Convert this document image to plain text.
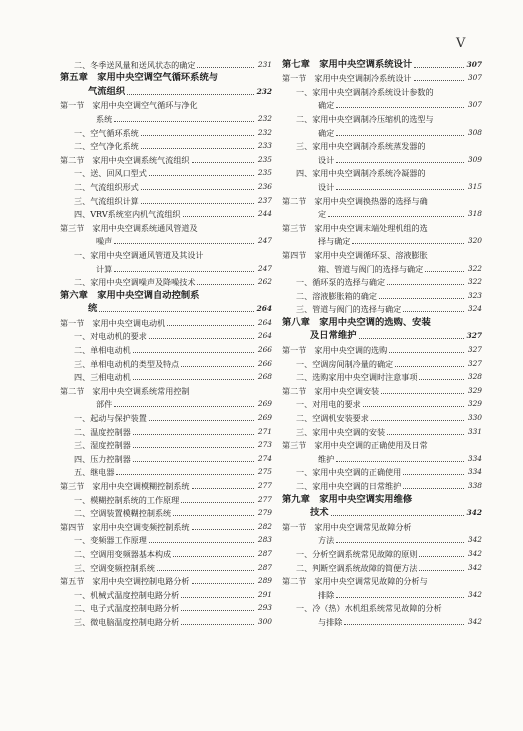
V
二、冬季送风量和送风状态的确定	231
第五章　家用中央空调空气循环系统与
气流组织	232
第一节　家用中央空调空气循环与净化
系统	232
一、空气循环系统	232
二、空气净化系统	233
第二节　家用中央空调系统气流组织	235
一、送、回风口型式	235
二、气流组织形式	236
三、气流组织计算	237
四、VRV系统室内机气流组织	244
第三节　家用中央空调系统通风管道及
噪声	247
一、家用中央空调通风管道及其设计
计算	247
二、家用中央空调噪声及降噪技术	262
第六章　家用中央空调自动控制系
统	264
第一节　家用中央空调电动机	264
一、对电动机的要求	264
二、单相电动机	266
三、单相电动机的类型及特点	266
四、三相电动机	268
第二节　家用中央空调系统常用控制
部件	269
一、起动与保护装置	269
二、温度控制器	271
三、湿度控制器	273
四、压力控制器	274
五、继电器	275
第三节　家用中央空调模糊控制系统	277
一、模糊控制系统的工作原理	277
二、空调装置模糊控制系统	279
第四节　家用中央空调变频控制系统	282
一、变频器工作原理	283
二、空调用变频器基本构成	287
三、空调变频控制系统	287
第五节　家用中央空调控制电路分析	289
一、机械式温度控制电路分析	291
二、电子式温度控制电路分析	293
三、微电脑温度控制电路分析	300
第七章　家用中央空调系统设计	307
第一节　家用中央空调制冷系统设计	307
一、家用中央空调制冷系统设计参数的
确定	307
二、家用中央空调制冷压缩机的选型与
确定	308
三、家用中央空调制冷系统蒸发器的
设计	309
四、家用中央空调制冷系统冷凝器的
设计	315
第二节　家用中央空调换热器的选择与确
定	318
第三节　家用中央空调末端处理机组的选
择与确定	320
第四节　家用中央空调循环泵、溶液膨胀
箱、管道与阀门的选择与确定	322
一、循环泵的选择与确定	322
二、溶液膨胀箱的确定	323
三、管道与阀门的选择与确定	324
第八章　家用中央空调的选购、安装
及日常维护	327
第一节　家用中央空调的选购	327
一、空调房间制冷量的确定	327
二、选购家用中央空调时注意事项	328
第二节　家用中央空调安装	329
一、对用电的要求	329
二、空调机安装要求	330
三、家用中央空调的安装	331
第三节　家用中央空调的正确使用及日常
维护	334
一、家用中央空调的正确使用	334
二、家用中央空调的日常维护	338
第九章　家用中央空调实用维修
技术	342
第一节　家用中央空调常见故障分析
方法	342
一、分析空调系统常见故障的原则	342
二、判断空调系统故障的简便方法	342
第二节　家用中央空调常见故障的分析与
排除	342
一、冷（热）水机组系统常见故障的分析
与排除	342
